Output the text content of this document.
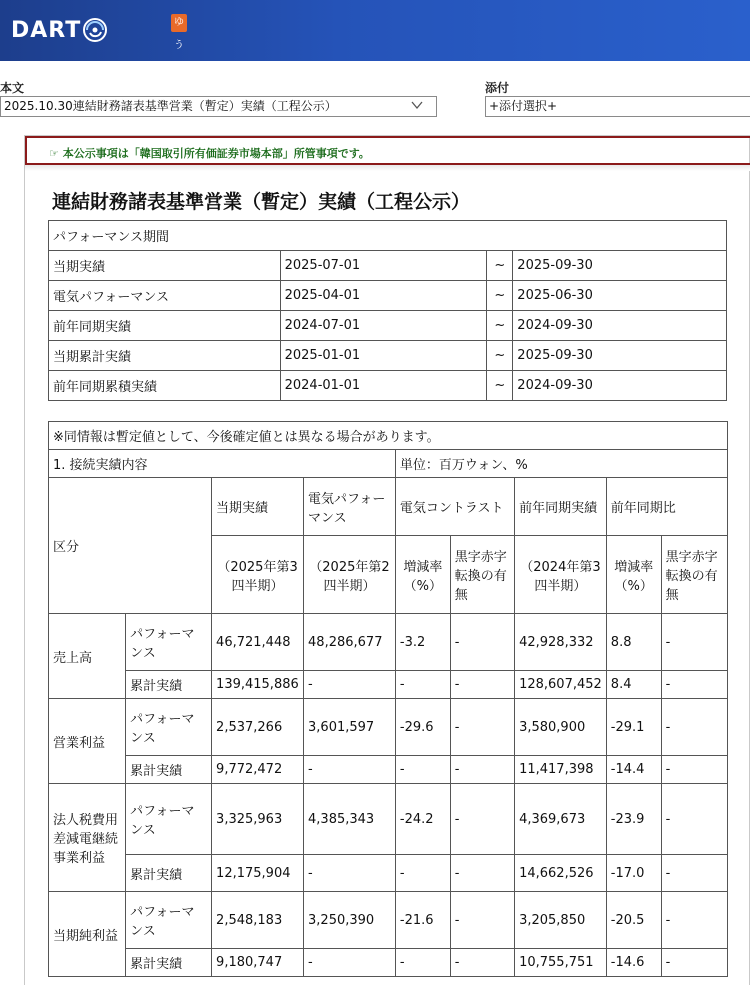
DART	ゆ
う
本文
2025.10.30連結財務諸表基準営業（暫定）実績（工程公示）
添付
+添付選択+
☞ 本公示事項は「韓国取引所有価証券市場本部」所管事項です。
連結財務諸表基準営業（暫定）実績（工程公示）
パフォーマンス期間			
当期実績	2025-07-01	~	2025-09-30
電気パフォーマンス	2025-04-01	~	2025-06-30
前年同期実績	2024-07-01	~	2024-09-30
当期累計実績	2025-01-01	~	2025-09-30
前年同期累積実績	2024-01-01	~	2024-09-30
※同情報は暫定値として、今後確定値とは異なる場合があります。								
1. 接続実績内容				単位：百万ウォン、%				
区分		当期実績	電気パフォーマンス	電気コントラスト		前年同期実績	前年同期比	
		（2025年第3四半期）	（2025年第2四半期）	増減率（%）	黒字赤字転換の有無	（2024年第3四半期）	増減率（%）	黒字赤字転換の有無
売上高	パフォーマンス	46,721,448	48,286,677	-3.2	-	42,928,332	8.8	-
	累計実績	139,415,886	-	-	-	128,607,452	8.4	-
営業利益	パフォーマンス	2,537,266	3,601,597	-29.6	-	3,580,900	-29.1	-
	累計実績	9,772,472	-	-	-	11,417,398	-14.4	-
法人税費用差減電継続事業利益	パフォーマンス	3,325,963	4,385,343	-24.2	-	4,369,673	-23.9	-
	累計実績	12,175,904	-	-	-	14,662,526	-17.0	-
当期純利益	パフォーマンス	2,548,183	3,250,390	-21.6	-	3,205,850	-20.5	-
	累計実績	9,180,747	-	-	-	10,755,751	-14.6	-
